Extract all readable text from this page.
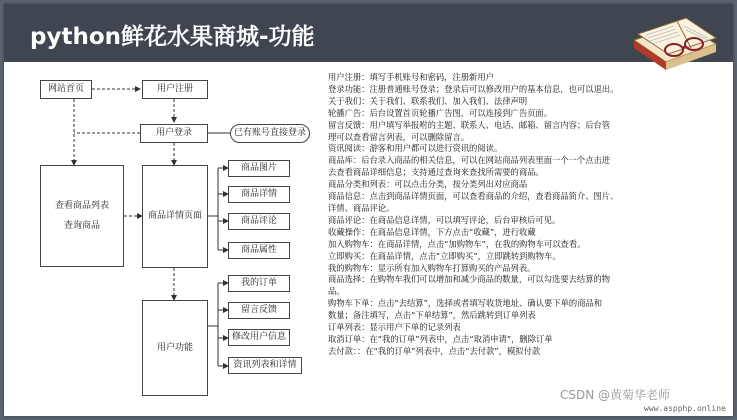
python鲜花水果商城-功能
网站首页	用户注册
用户登录	已有账号直接登录
查看商品列表
查询商品
商品详情页面
商品图片
商品详情
商品评论
商品属性
用户功能
我的订单
留言反馈
修改用户信息
资讯列表和详情
用户注册：填写手机账号和密码，注册新用户
登录功能：注册普通账号登录；登录后可以修改用户的基本信息，也可以退出。
关于我们：关于我们、联系我们、加入我们、法律声明
轮播广告：后台设置首页轮播广告图，可以连接到广告页面。
留言反馈：用户填写举报咐的主题、联系人、电话、邮箱、留言内容；后台管
理可以查看留言列表，可以删除留言。
资讯阅读：游客和用户都可以进行资讯的阅读。
商品库：后台录入商品的相关信息，可以在网站商品列表里面一个一个点击进
去查看商品详细信息；支持通过查询来查找所需要的商品。
商品分类和列表：可以点击分类，按分类列出对应商品
商品信息：点击到商品详情页面，可以查看商品的介绍，查看商品简介、图片、
详情、商品评论。
商品评论：在商品信息详情，可以填写评论，后台审核后可见。
收藏操作：在商品信息详情，下方点击“收藏”，进行收藏
加入购物车：在商品详情，点击“加购物车”，在我的购物车可以查看。
立即购买：在商品详情，点击“立即购买”，立即跳转到购物车。
我的购物车：显示所有加入购物车打算购买的产品列表。
商品选择：在购物车我们可以增加和减少商品的数量，可以勾选要去结算的物
品。
购物车下单：点击“去结算”，选择或者填写收货地址、确认要下单的商品和
数量；备注填写，点击“下单结算”，然后跳转到订单列表
订单列表：显示用户下单的记录列表
取消订单：在“我的订单”列表中，点击“取消申请”，删除订单
去付款：：在“我的订单”列表中，点击“去付款”，模拟付款
CSDN @黄菊华老师
www.aspphp.online
